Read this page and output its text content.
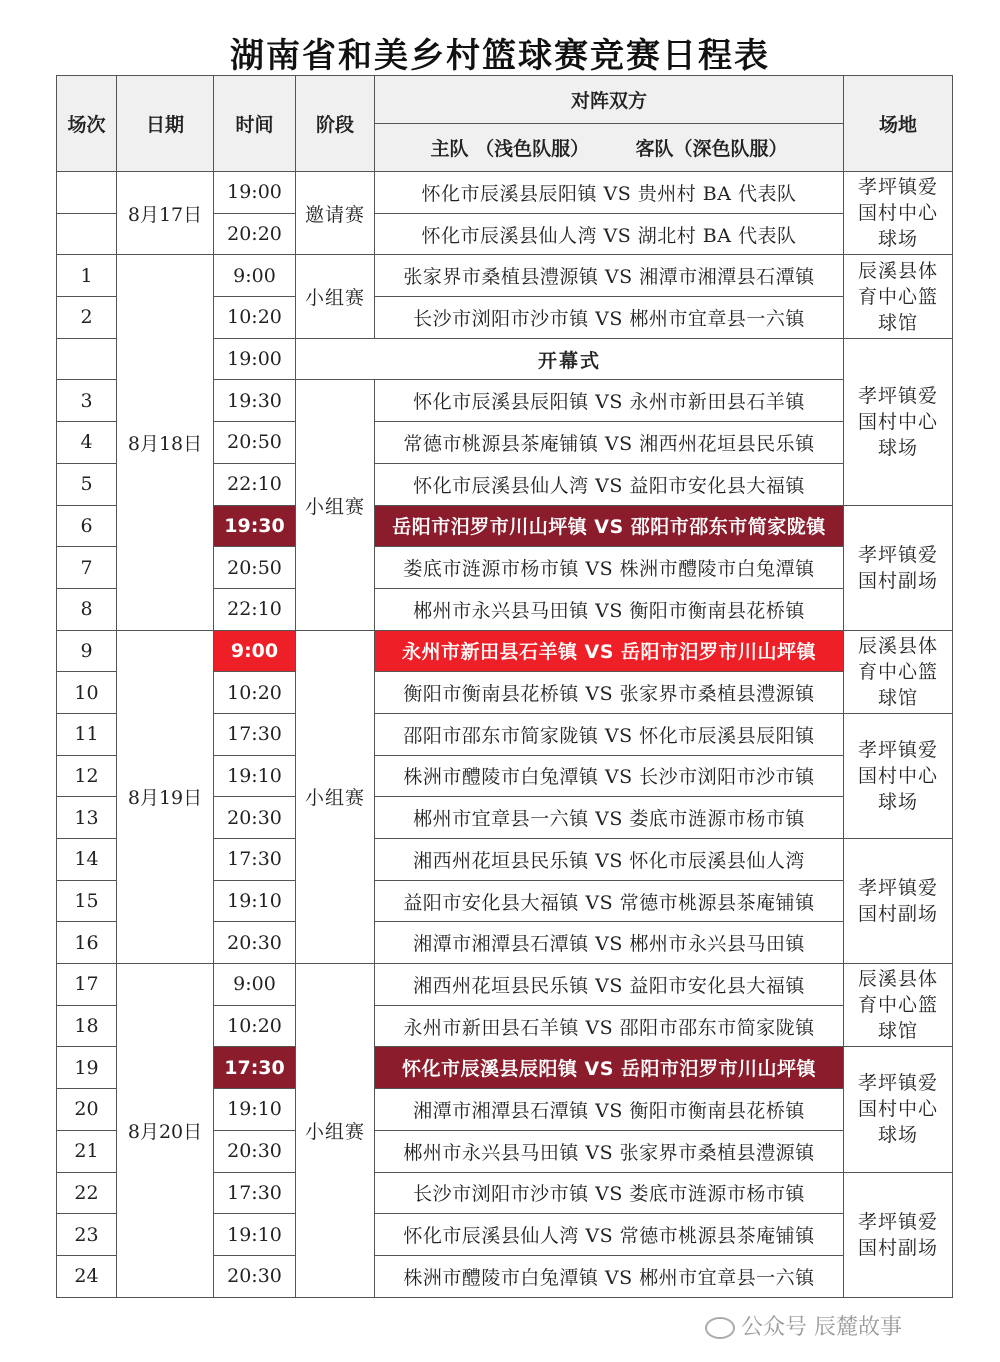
湖南省和美乡村篮球赛竞赛日程表
场次	日期	时间	阶段	对阵双方	场地
				主队 （浅色队服） 客队（深色队服）	
	8月17日	19:00	邀请赛	怀化市辰溪县辰阳镇 VS 贵州村 BA 代表队	孝坪镇爱国村中心球场
		20:20		怀化市辰溪县仙人湾 VS 湖北村 BA 代表队	
1	8月18日	9:00	小组赛	张家界市桑植县澧源镇 VS 湘潭市湘潭县石潭镇	辰溪县体育中心篮球馆
2		10:20		长沙市浏阳市沙市镇 VS 郴州市宜章县一六镇	
		19:00	开幕式		孝坪镇爱国村中心球场
3		19:30	小组赛	怀化市辰溪县辰阳镇 VS 永州市新田县石羊镇	
4		20:50		常德市桃源县茶庵铺镇 VS 湘西州花垣县民乐镇	
5		22:10		怀化市辰溪县仙人湾 VS 益阳市安化县大福镇	
6		19:30		岳阳市汨罗市川山坪镇 VS 邵阳市邵东市简家陇镇	孝坪镇爱国村副场
7		20:50		娄底市涟源市杨市镇 VS 株洲市醴陵市白兔潭镇	
8		22:10		郴州市永兴县马田镇 VS 衡阳市衡南县花桥镇	
9	8月19日	9:00	小组赛	永州市新田县石羊镇 VS 岳阳市汨罗市川山坪镇	辰溪县体育中心篮球馆
10		10:20		衡阳市衡南县花桥镇 VS 张家界市桑植县澧源镇	
11		17:30		邵阳市邵东市简家陇镇 VS 怀化市辰溪县辰阳镇	孝坪镇爱国村中心球场
12		19:10		株洲市醴陵市白兔潭镇 VS 长沙市浏阳市沙市镇	
13		20:30		郴州市宜章县一六镇 VS 娄底市涟源市杨市镇	
14		17:30		湘西州花垣县民乐镇 VS 怀化市辰溪县仙人湾	孝坪镇爱国村副场
15		19:10		益阳市安化县大福镇 VS 常德市桃源县茶庵铺镇	
16		20:30		湘潭市湘潭县石潭镇 VS 郴州市永兴县马田镇	
17	8月20日	9:00	小组赛	湘西州花垣县民乐镇 VS 益阳市安化县大福镇	辰溪县体育中心篮球馆
18		10:20		永州市新田县石羊镇 VS 邵阳市邵东市简家陇镇	
19		17:30		怀化市辰溪县辰阳镇 VS 岳阳市汨罗市川山坪镇	孝坪镇爱国村中心球场
20		19:10		湘潭市湘潭县石潭镇 VS 衡阳市衡南县花桥镇	
21		20:30		郴州市永兴县马田镇 VS 张家界市桑植县澧源镇	
22		17:30		长沙市浏阳市沙市镇 VS 娄底市涟源市杨市镇	孝坪镇爱国村副场
23		19:10		怀化市辰溪县仙人湾 VS 常德市桃源县茶庵铺镇	
24		20:30		株洲市醴陵市白兔潭镇 VS 郴州市宜章县一六镇	
公众号 辰麓故事
